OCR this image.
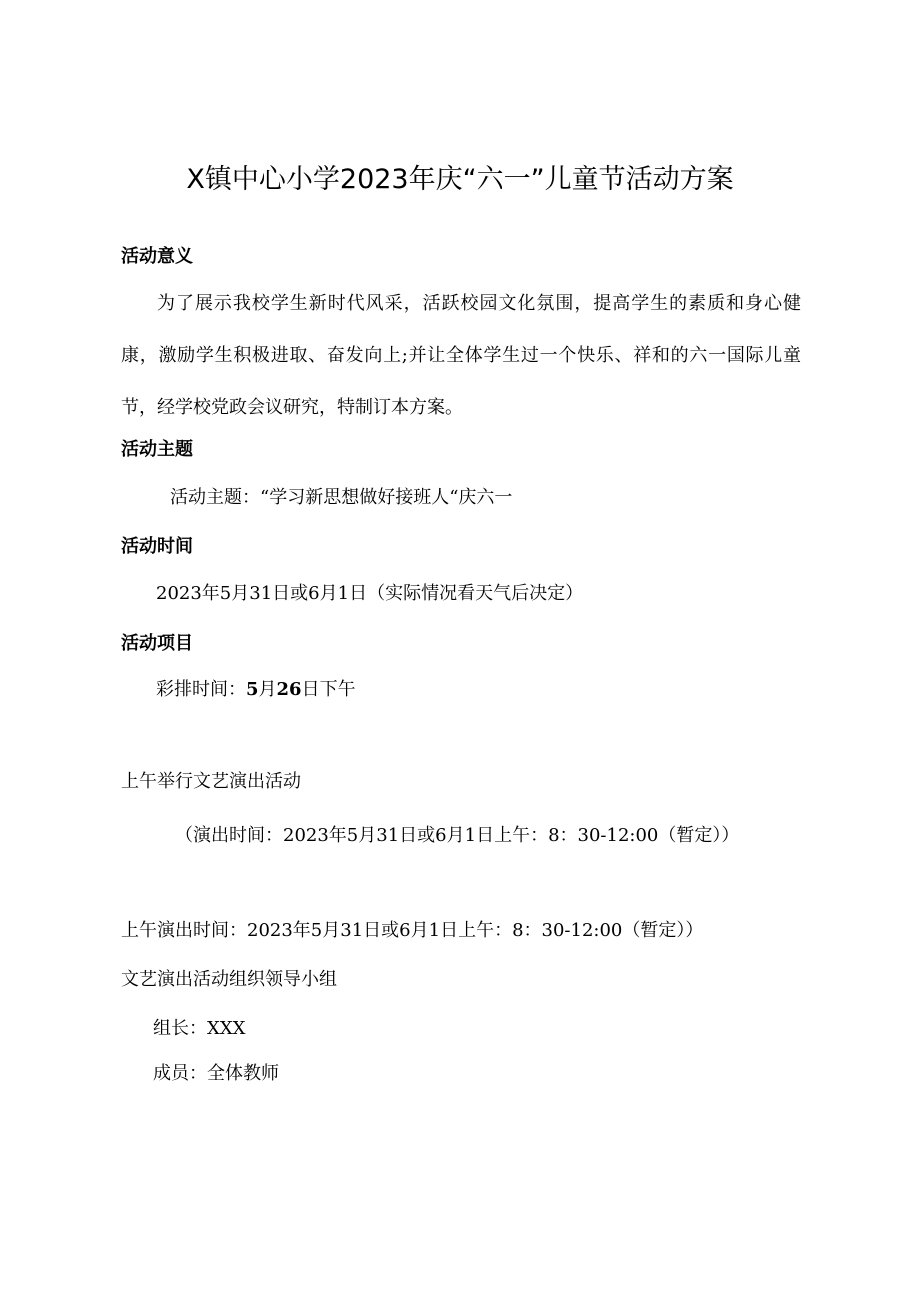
X镇中心小学2023年庆“六一”儿童节活动方案
活动意义
为了展示我校学生新时代风采，活跃校园文化氛围，提高学生的素质和身心健康，激励学生积极进取、奋发向上;并让全体学生过一个快乐、祥和的六一国际儿童节，经学校党政会议研究，特制订本方案。
活动主题
活动主题：“学习新思想做好接班人“庆六一
活动时间
2023年5月31日或6月1日（实际情况看天气后决定）
活动项目
彩排时间：5月26日下午
上午举行文艺演出活动
（演出时间：2023年5月31日或6月1日上午：8：30-12:00（暂定））
上午演出时间：2023年5月31日或6月1日上午：8：30-12:00（暂定））
文艺演出活动组织领导小组
组长：XXX
成员：全体教师
